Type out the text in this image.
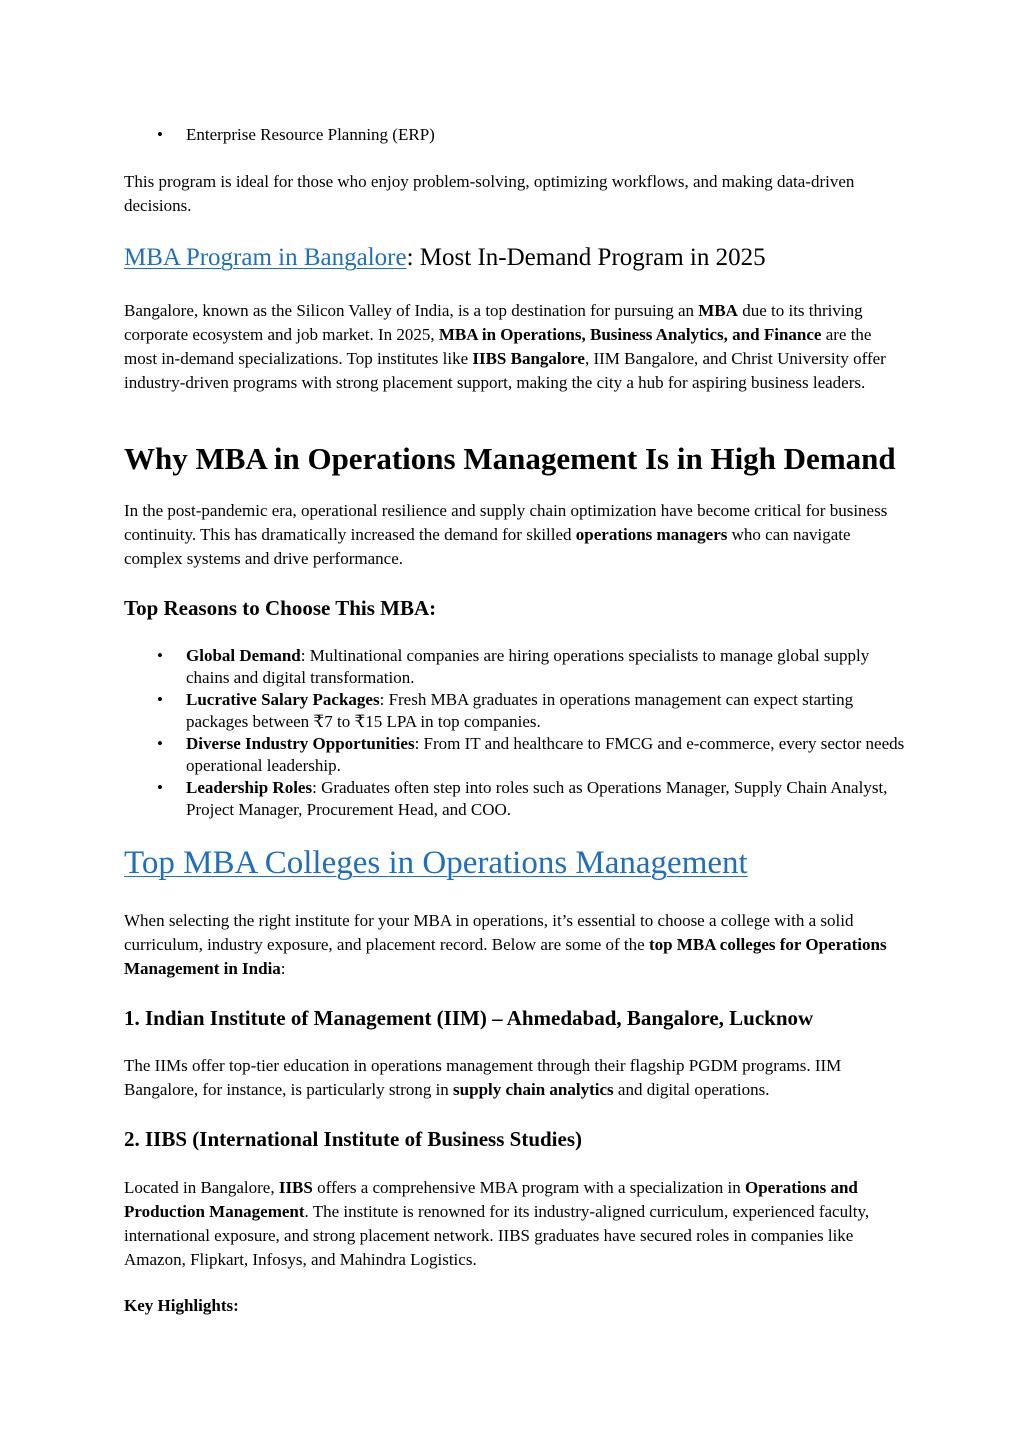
• Enterprise Resource Planning (ERP)

This program is ideal for those who enjoy problem-solving, optimizing workflows, and making data-driven decisions.

MBA Program in Bangalore: Most In-Demand Program in 2025

Bangalore, known as the Silicon Valley of India, is a top destination for pursuing an MBA due to its thriving corporate ecosystem and job market. In 2025, MBA in Operations, Business Analytics, and Finance are the most in-demand specializations. Top institutes like IIBS Bangalore, IIM Bangalore, and Christ University offer industry-driven programs with strong placement support, making the city a hub for aspiring business leaders.

Why MBA in Operations Management Is in High Demand

In the post-pandemic era, operational resilience and supply chain optimization have become critical for business continuity. This has dramatically increased the demand for skilled operations managers who can navigate complex systems and drive performance.

Top Reasons to Choose This MBA:
• Global Demand: Multinational companies are hiring operations specialists to manage global supply chains and digital transformation.
• Lucrative Salary Packages: Fresh MBA graduates in operations management can expect starting packages between ₹7 to ₹15 LPA in top companies.
• Diverse Industry Opportunities: From IT and healthcare to FMCG and e-commerce, every sector needs operational leadership.
• Leadership Roles: Graduates often step into roles such as Operations Manager, Supply Chain Analyst, Project Manager, Procurement Head, and COO.
Top MBA Colleges in Operations Management

When selecting the right institute for your MBA in operations, it’s essential to choose a college with a solid curriculum, industry exposure, and placement record. Below are some of the top MBA colleges for Operations Management in India:

1. Indian Institute of Management (IIM) – Ahmedabad, Bangalore, Lucknow

The IIMs offer top-tier education in operations management through their flagship PGDM programs. IIM Bangalore, for instance, is particularly strong in supply chain analytics and digital operations.

2. IIBS (International Institute of Business Studies)

Located in Bangalore, IIBS offers a comprehensive MBA program with a specialization in Operations and Production Management. The institute is renowned for its industry-aligned curriculum, experienced faculty, international exposure, and strong placement network. IIBS graduates have secured roles in companies like Amazon, Flipkart, Infosys, and Mahindra Logistics.

Key Highlights:
